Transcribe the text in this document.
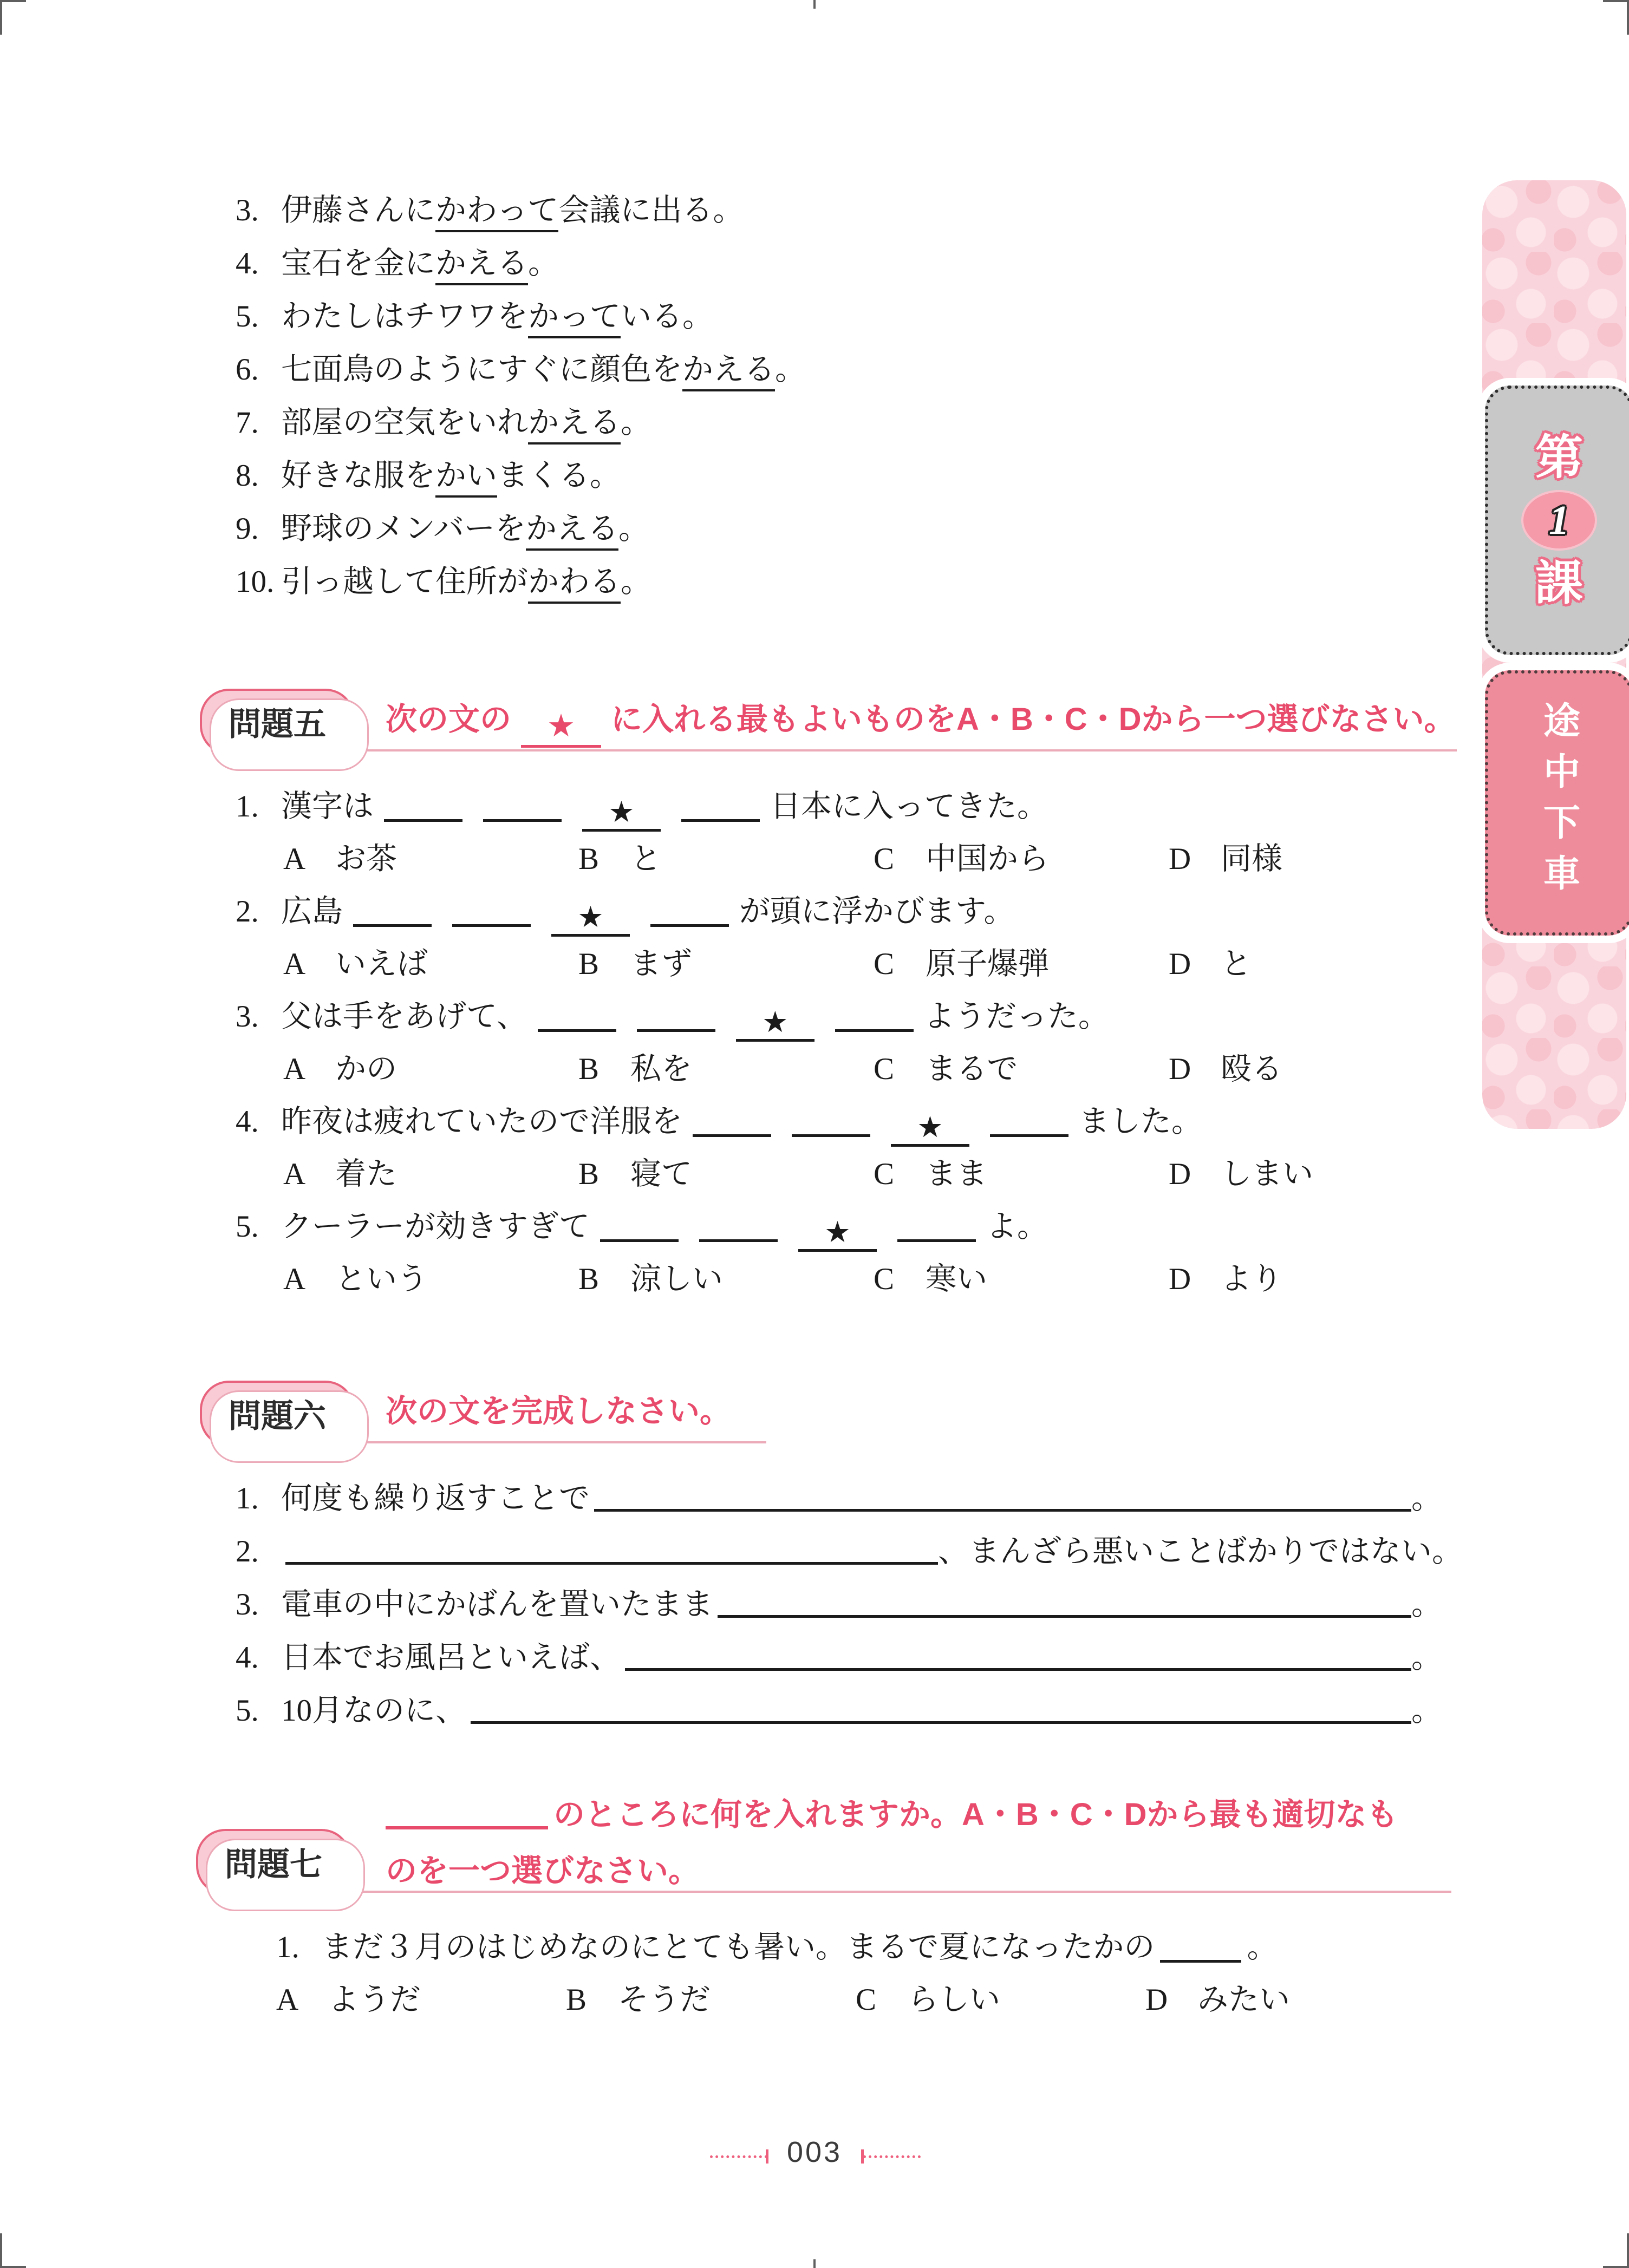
第
1
課
途中下車
3. 伊藤さんにかわって会議に出る。
4. 宝石を金にかえる。
5. わたしはチワワをかっている。
6. 七面鳥のようにすぐに顔色をかえる。
7. 部屋の空気をいれかえる。
8. 好きな服をかいまくる。
9. 野球のメンバーをかえる。
10. 引っ越して住所がかわる。
問題五 次の文の ★ に入れる最もよいものをA・B・C・Dから一つ選びなさい。
1. 漢字は	★	日本に入ってきた。
A お茶	B と	C 中国から	D 同様
2. 広島	★	が頭に浮かびます。
A いえば	B まず	C 原子爆弾	D と
3. 父は手をあげて、	★	ようだった。
A かの	B 私を	C まるで	D 殴る
4. 昨夜は疲れていたので洋服を	★	ました。
A 着た	B 寝て	C まま	D しまい
5. クーラーが効きすぎて	★	よ。
A という	B 涼しい	C 寒い	D より
問題六 次の文を完成しなさい。
1. 何度も繰り返すことで	。
2.	、まんざら悪いことばかりではない。
3. 電車の中にかばんを置いたまま	。
4. 日本でお風呂といえば、	。
5. 10月なのに、	。
のところに何を入れますか。A・B・C・Dから最も適切なも
のを一つ選びなさい。
問題七
1. まだ３月のはじめなのにとても暑い。まるで夏になったかの	。
A ようだ	B そうだ	C らしい	D みたい
003
